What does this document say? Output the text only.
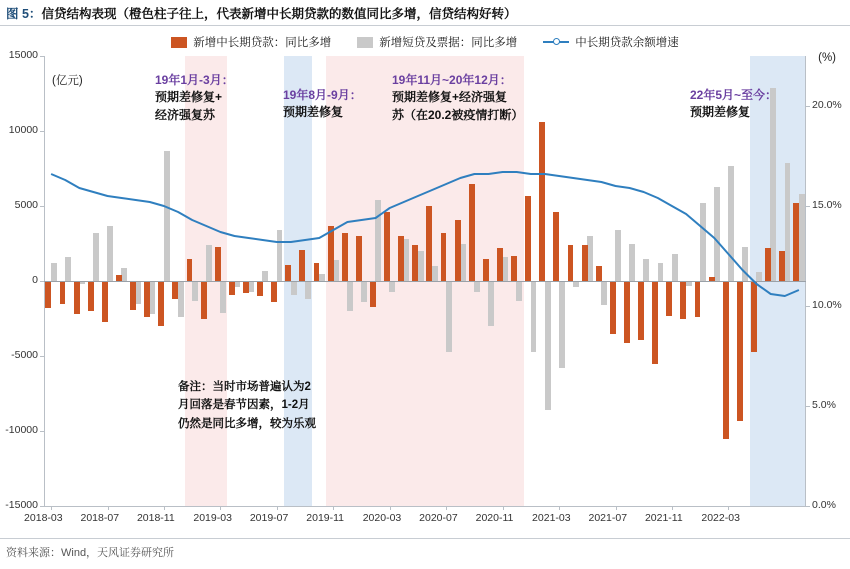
图 5： 信贷结构表现（橙色柱子往上，代表新增中长期贷款的数值同比多增，信贷结构好转）
新增中长期贷款：同比多增	新增短贷及票据：同比多增	中长期贷款余额增速
(亿元)
(%)
资料来源：Wind，天风证券研究所
-15000
-10000
-5000
0
5000
10000
15000
0.0%
5.0%
10.0%
15.0%
20.0%
2018-03 2018-07 2018-11 2019-03 2019-07 2019-11 2020-03 2020-07 2020-11 2021-03 2021-07 2021-11 2022-03
19年1月-3月：
预期差修复+
经济强复苏
19年8月-9月：
预期差修复
19年11月~20年12月：
预期差修复+经济强复
苏（在20.2被疫情打断）
22年5月~至今：
预期差修复
备注：当时市场普遍认为2
月回落是春节因素，1-2月
仍然是同比多增，较为乐观
